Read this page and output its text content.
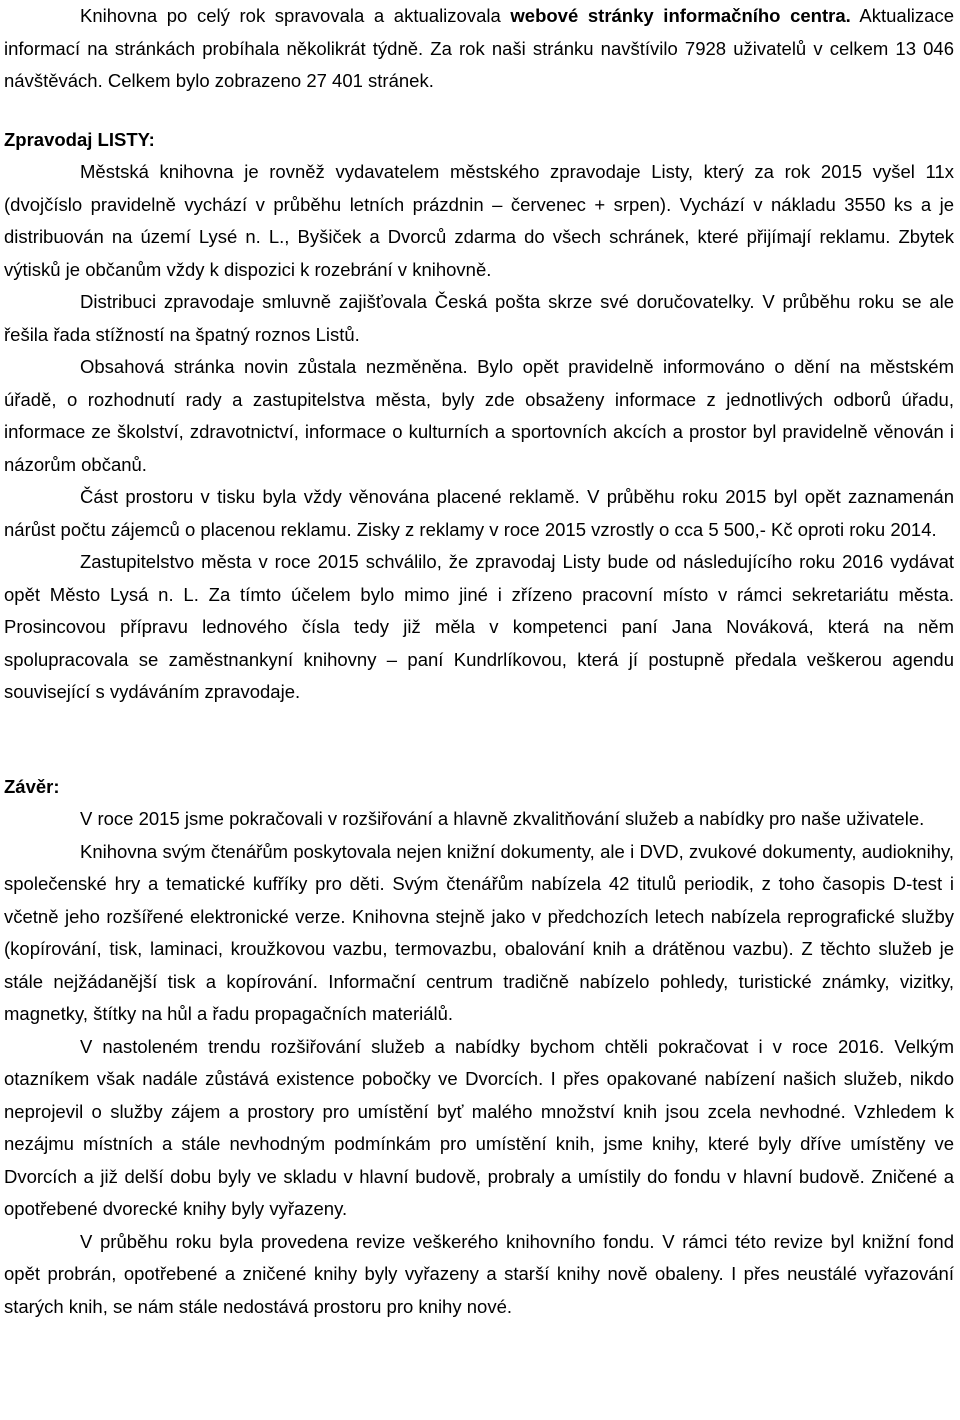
Knihovna po celý rok spravovala a aktualizovala webové stránky informačního centra. Aktualizace informací na stránkách probíhala několikrát týdně. Za rok naši stránku navštívilo 7928 uživatelů v celkem 13 046 návštěvách. Celkem bylo zobrazeno 27 401 stránek.

Zpravodaj LISTY:

Městská knihovna je rovněž vydavatelem městského zpravodaje Listy, který za rok 2015 vyšel 11x (dvojčíslo pravidelně vychází v průběhu letních prázdnin – červenec + srpen). Vychází v nákladu 3550 ks a je distribuován na území Lysé n. L., Byšiček a Dvorců zdarma do všech schránek, které přijímají reklamu. Zbytek výtisků je občanům vždy k dispozici k rozebrání v knihovně.

Distribuci zpravodaje smluvně zajišťovala Česká pošta skrze své doručovatelky. V průběhu roku se ale řešila řada stížností na špatný roznos Listů.

Obsahová stránka novin zůstala nezměněna. Bylo opět pravidelně informováno o dění na městském úřadě, o rozhodnutí rady a zastupitelstva města, byly zde obsaženy informace z jednotlivých odborů úřadu, informace ze školství, zdravotnictví, informace o kulturních a sportovních akcích a prostor byl pravidelně věnován i názorům občanů.

Část prostoru v tisku byla vždy věnována placené reklamě. V průběhu roku 2015 byl opět zaznamenán nárůst počtu zájemců o placenou reklamu. Zisky z reklamy v roce 2015 vzrostly o cca 5 500,- Kč oproti roku 2014.

Zastupitelstvo města v roce 2015 schválilo, že zpravodaj Listy bude od následujícího roku 2016 vydávat opět Město Lysá n. L. Za tímto účelem bylo mimo jiné i zřízeno pracovní místo v rámci sekretariátu města. Prosincovou přípravu lednového čísla tedy již měla v kompetenci paní Jana Nováková, která na něm spolupracovala se zaměstnankyní knihovny – paní Kundrlíkovou, která jí postupně předala veškerou agendu související s vydáváním zpravodaje.

Závěr:

V roce 2015 jsme pokračovali v rozšiřování a hlavně zkvalitňování služeb a nabídky pro naše uživatele.

Knihovna svým čtenářům poskytovala nejen knižní dokumenty, ale i DVD, zvukové dokumenty, audioknihy, společenské hry a tematické kufříky pro děti. Svým čtenářům nabízela 42 titulů periodik, z toho časopis D-test i včetně jeho rozšířené elektronické verze. Knihovna stejně jako v předchozích letech nabízela reprografické služby (kopírování, tisk, laminaci, kroužkovou vazbu, termovazbu, obalování knih a drátěnou vazbu). Z těchto služeb je stále nejžádanější tisk a kopírování. Informační centrum tradičně nabízelo pohledy, turistické známky, vizitky, magnetky, štítky na hůl a řadu propagačních materiálů.

V nastoleném trendu rozšiřování služeb a nabídky bychom chtěli pokračovat i v roce 2016. Velkým otazníkem však nadále zůstává existence pobočky ve Dvorcích. I přes opakované nabízení našich služeb, nikdo neprojevil o služby zájem a prostory pro umístění byť malého množství knih jsou zcela nevhodné. Vzhledem k nezájmu místních a stále nevhodným podmínkám pro umístění knih, jsme knihy, které byly dříve umístěny ve Dvorcích a již delší dobu byly ve skladu v hlavní budově, probraly a umístily do fondu v hlavní budově. Zničené a opotřebené dvorecké knihy byly vyřazeny.

V průběhu roku byla provedena revize veškerého knihovního fondu. V rámci této revize byl knižní fond opět probrán, opotřebené a zničené knihy byly vyřazeny a starší knihy nově obaleny. I přes neustálé vyřazování starých knih, se nám stále nedostává prostoru pro knihy nové.
